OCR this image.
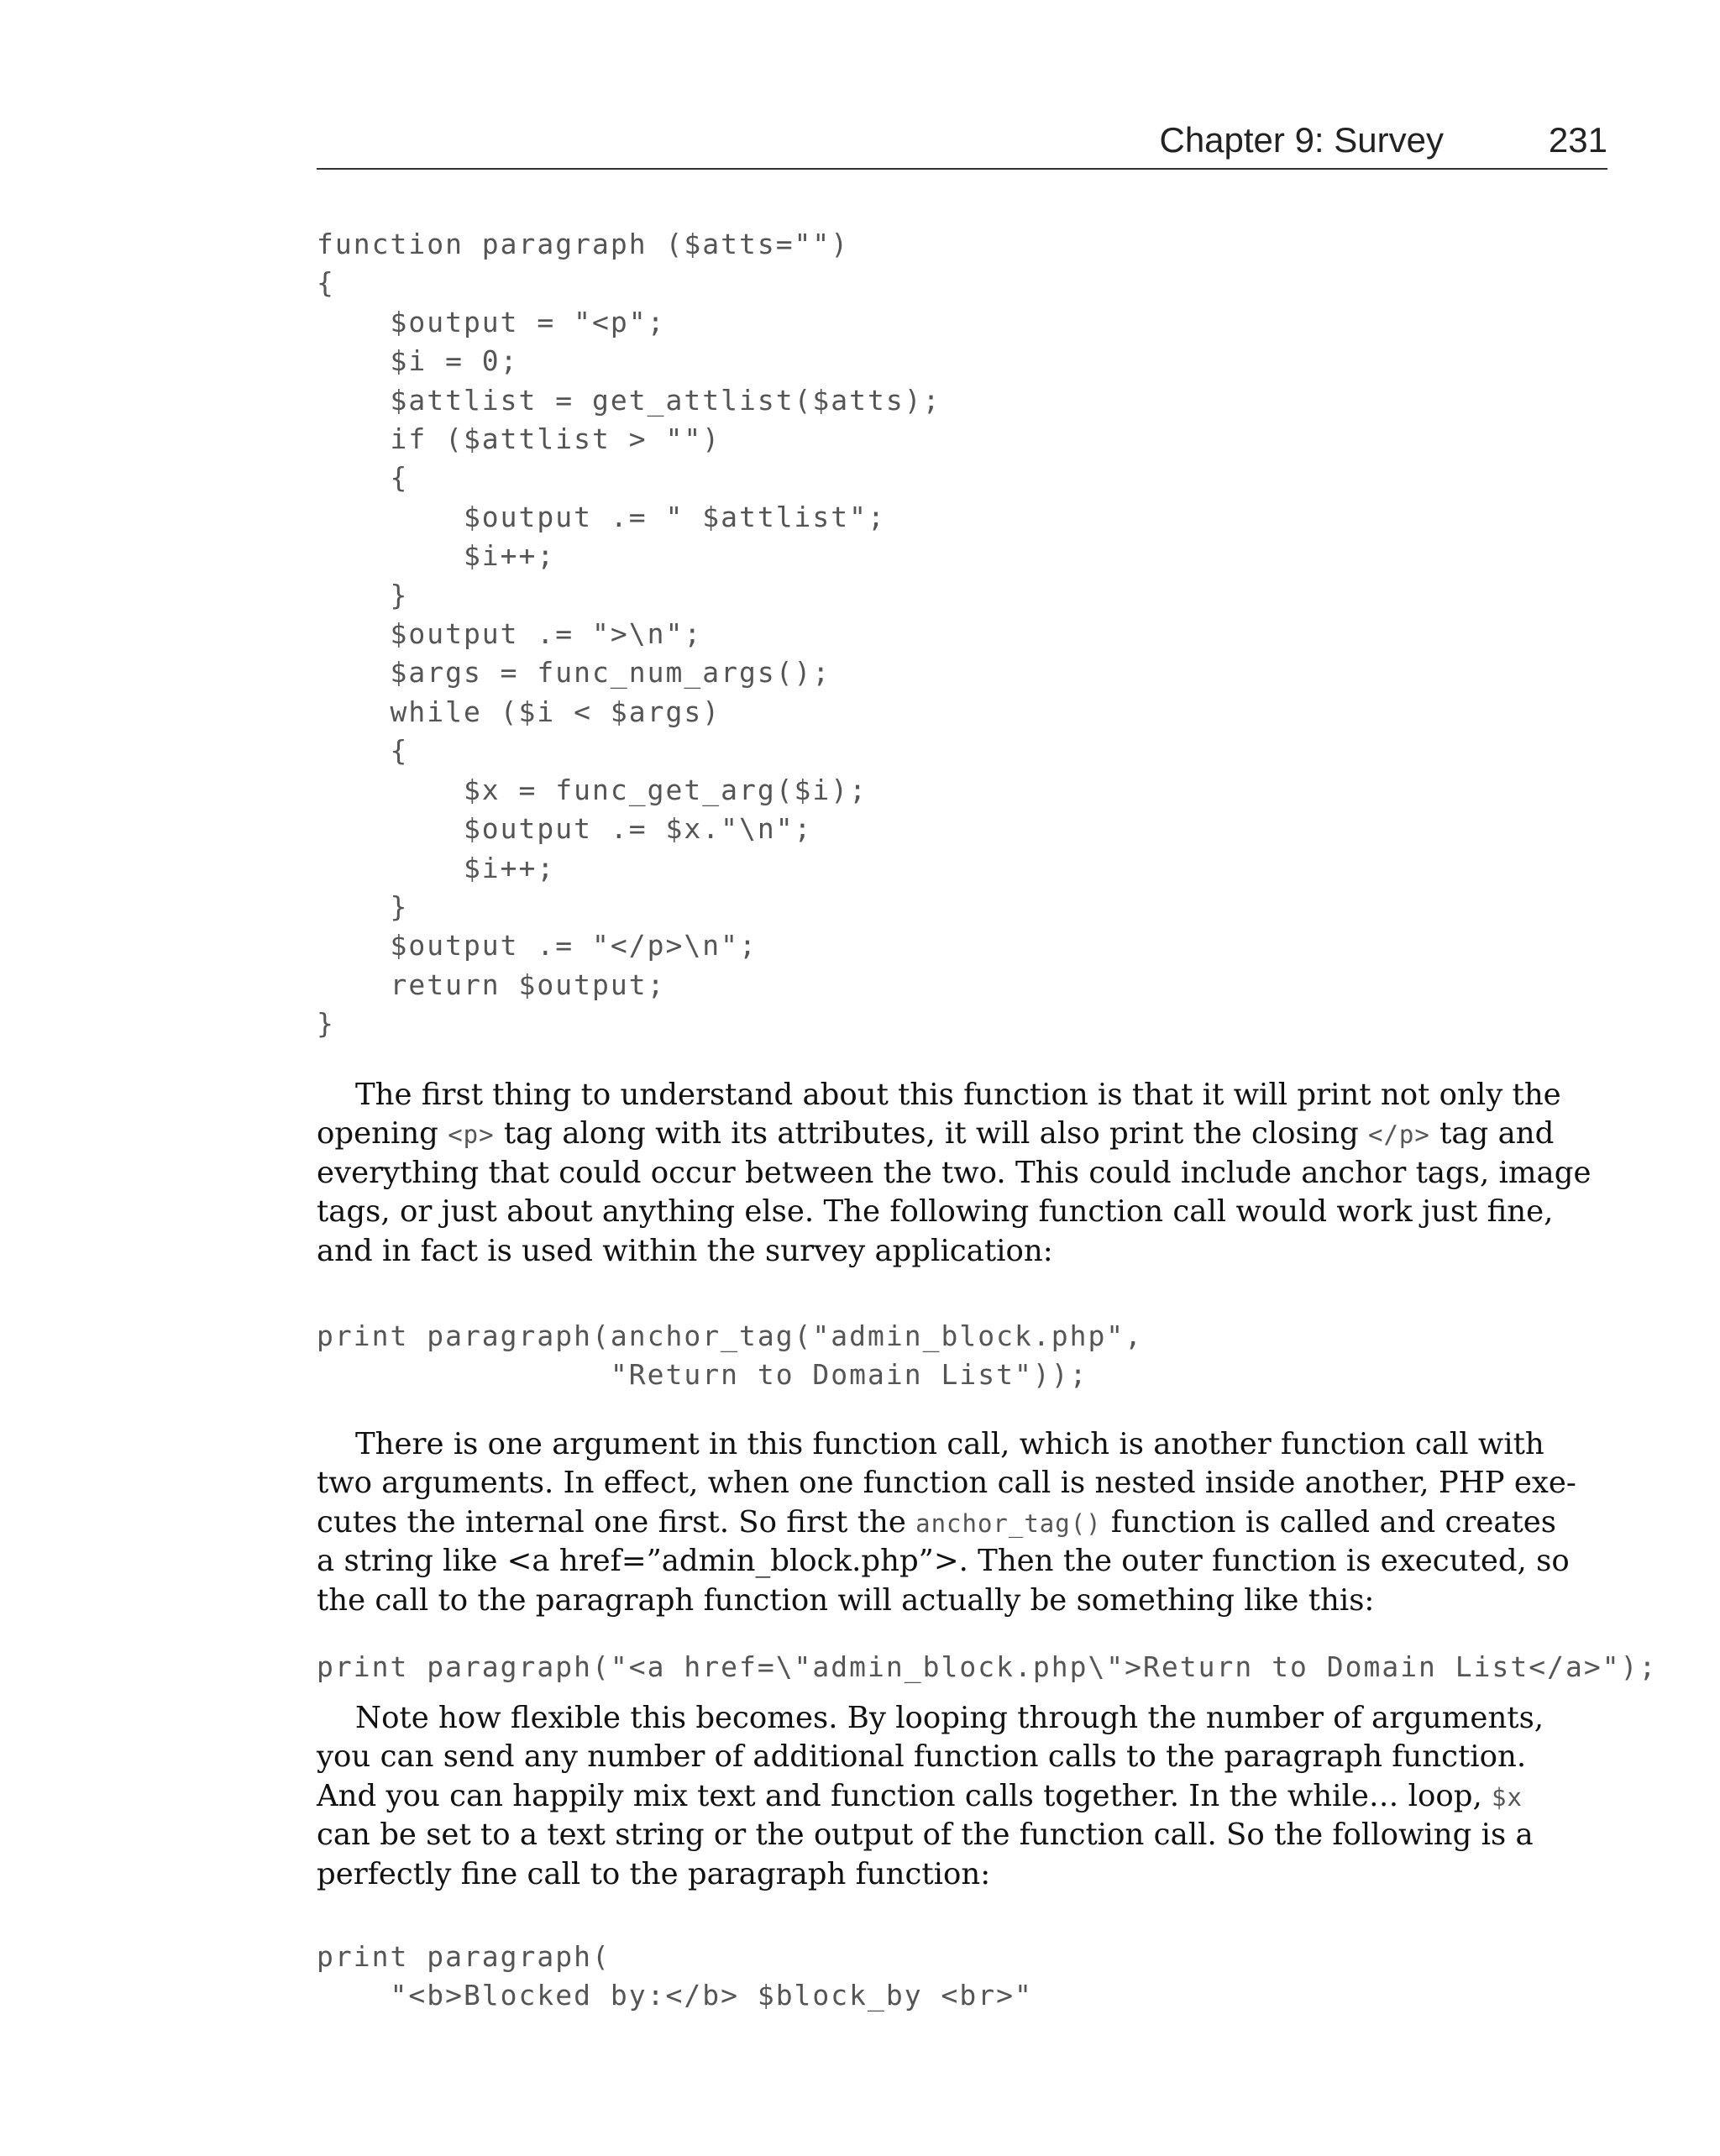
Chapter 9: Survey	231
function paragraph ($atts="")
{
$output = "<p";
$i = 0;
$attlist = get_attlist($atts);
if ($attlist > "")
{
$output .= " $attlist";
$i++;
}
$output .= ">\n";
$args = func_num_args();
while ($i < $args)
{
$x = func_get_arg($i);
$output .= $x."\n";
$i++;
}
$output .= "</p>\n";
return $output;
}
The first thing to understand about this function is that it will print not only the
opening <p> tag along with its attributes, it will also print the closing </p> tag and
everything that could occur between the two. This could include anchor tags, image
tags, or just about anything else. The following function call would work just fine,
and in fact is used within the survey application:
print paragraph(anchor_tag("admin_block.php",
"Return to Domain List"));
There is one argument in this function call, which is another function call with
two arguments. In effect, when one function call is nested inside another, PHP exe-
cutes the internal one first. So first the anchor_tag() function is called and creates
a string like <a href=”admin_block.php”>. Then the outer function is executed, so
the call to the paragraph function will actually be something like this:
print paragraph("<a href=\"admin_block.php\">Return to Domain List</a>");
Note how flexible this becomes. By looping through the number of arguments,
you can send any number of additional function calls to the paragraph function.
And you can happily mix text and function calls together. In the while… loop, $x
can be set to a text string or the output of the function call. So the following is a
perfectly fine call to the paragraph function:
print paragraph(
"<b>Blocked by:</b> $block_by <br>"
